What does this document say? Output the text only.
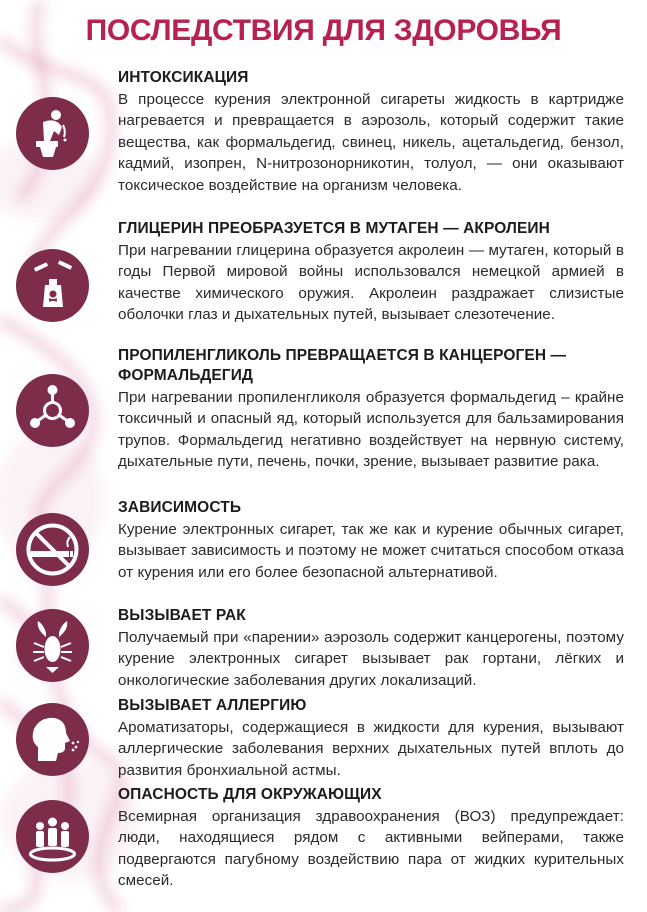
ПОСЛЕДСТВИЯ ДЛЯ ЗДОРОВЬЯ
ИНТОКСИКАЦИЯ

В процессе курения электронной сигареты жидкость в картридже нагревается и превращается в аэрозоль, который содержит такие вещества, как формальдегид, свинец, никель, ацетальдегид, бензол, кадмий, изопрен, N-нитрозонорникотин, толуол, — они оказывают токсическое воздействие на организм человека.

ГЛИЦЕРИН ПРЕОБРАЗУЕТСЯ В МУТАГЕН — АКРОЛЕИН

При нагревании глицерина образуется акролеин — мутаген, который в годы Первой мировой войны использовался немецкой армией в качестве химического оружия. Акролеин раздражает слизистые оболочки глаз и дыхательных путей, вызывает слезотечение.

ПРОПИЛЕНГЛИКОЛЬ ПРЕВРАЩАЕТСЯ В КАНЦЕРОГЕН — ФОРМАЛЬДЕГИД

При нагревании пропиленгликоля образуется формальдегид – крайне токсичный и опасный яд, который используется для бальзамирования трупов. Формальдегид негативно воздействует на нервную систему, дыхательные пути, печень, почки, зрение, вызывает развитие рака.

ЗАВИСИМОСТЬ

Курение электронных сигарет, так же как и курение обычных сигарет, вызывает зависимость и поэтому не может считаться способом отказа от курения или его более безопасной альтернативой.

ВЫЗЫВАЕТ РАК

Получаемый при «парении» аэрозоль содержит канцерогены, поэтому курение электронных сигарет вызывает рак гортани, лёгких и онкологические заболевания других локализаций.

ВЫЗЫВАЕТ АЛЛЕРГИЮ

Ароматизаторы, содержащиеся в жидкости для курения, вызывают аллергические заболевания верхних дыхательных путей вплоть до развития бронхиальной астмы.

ОПАСНОСТЬ ДЛЯ ОКРУЖАЮЩИХ

Всемирная организация здравоохранения (ВОЗ) предупреждает: люди, находящиеся рядом с активными вейперами, также подвергаются пагубному воздействию пара от жидких курительных смесей.
